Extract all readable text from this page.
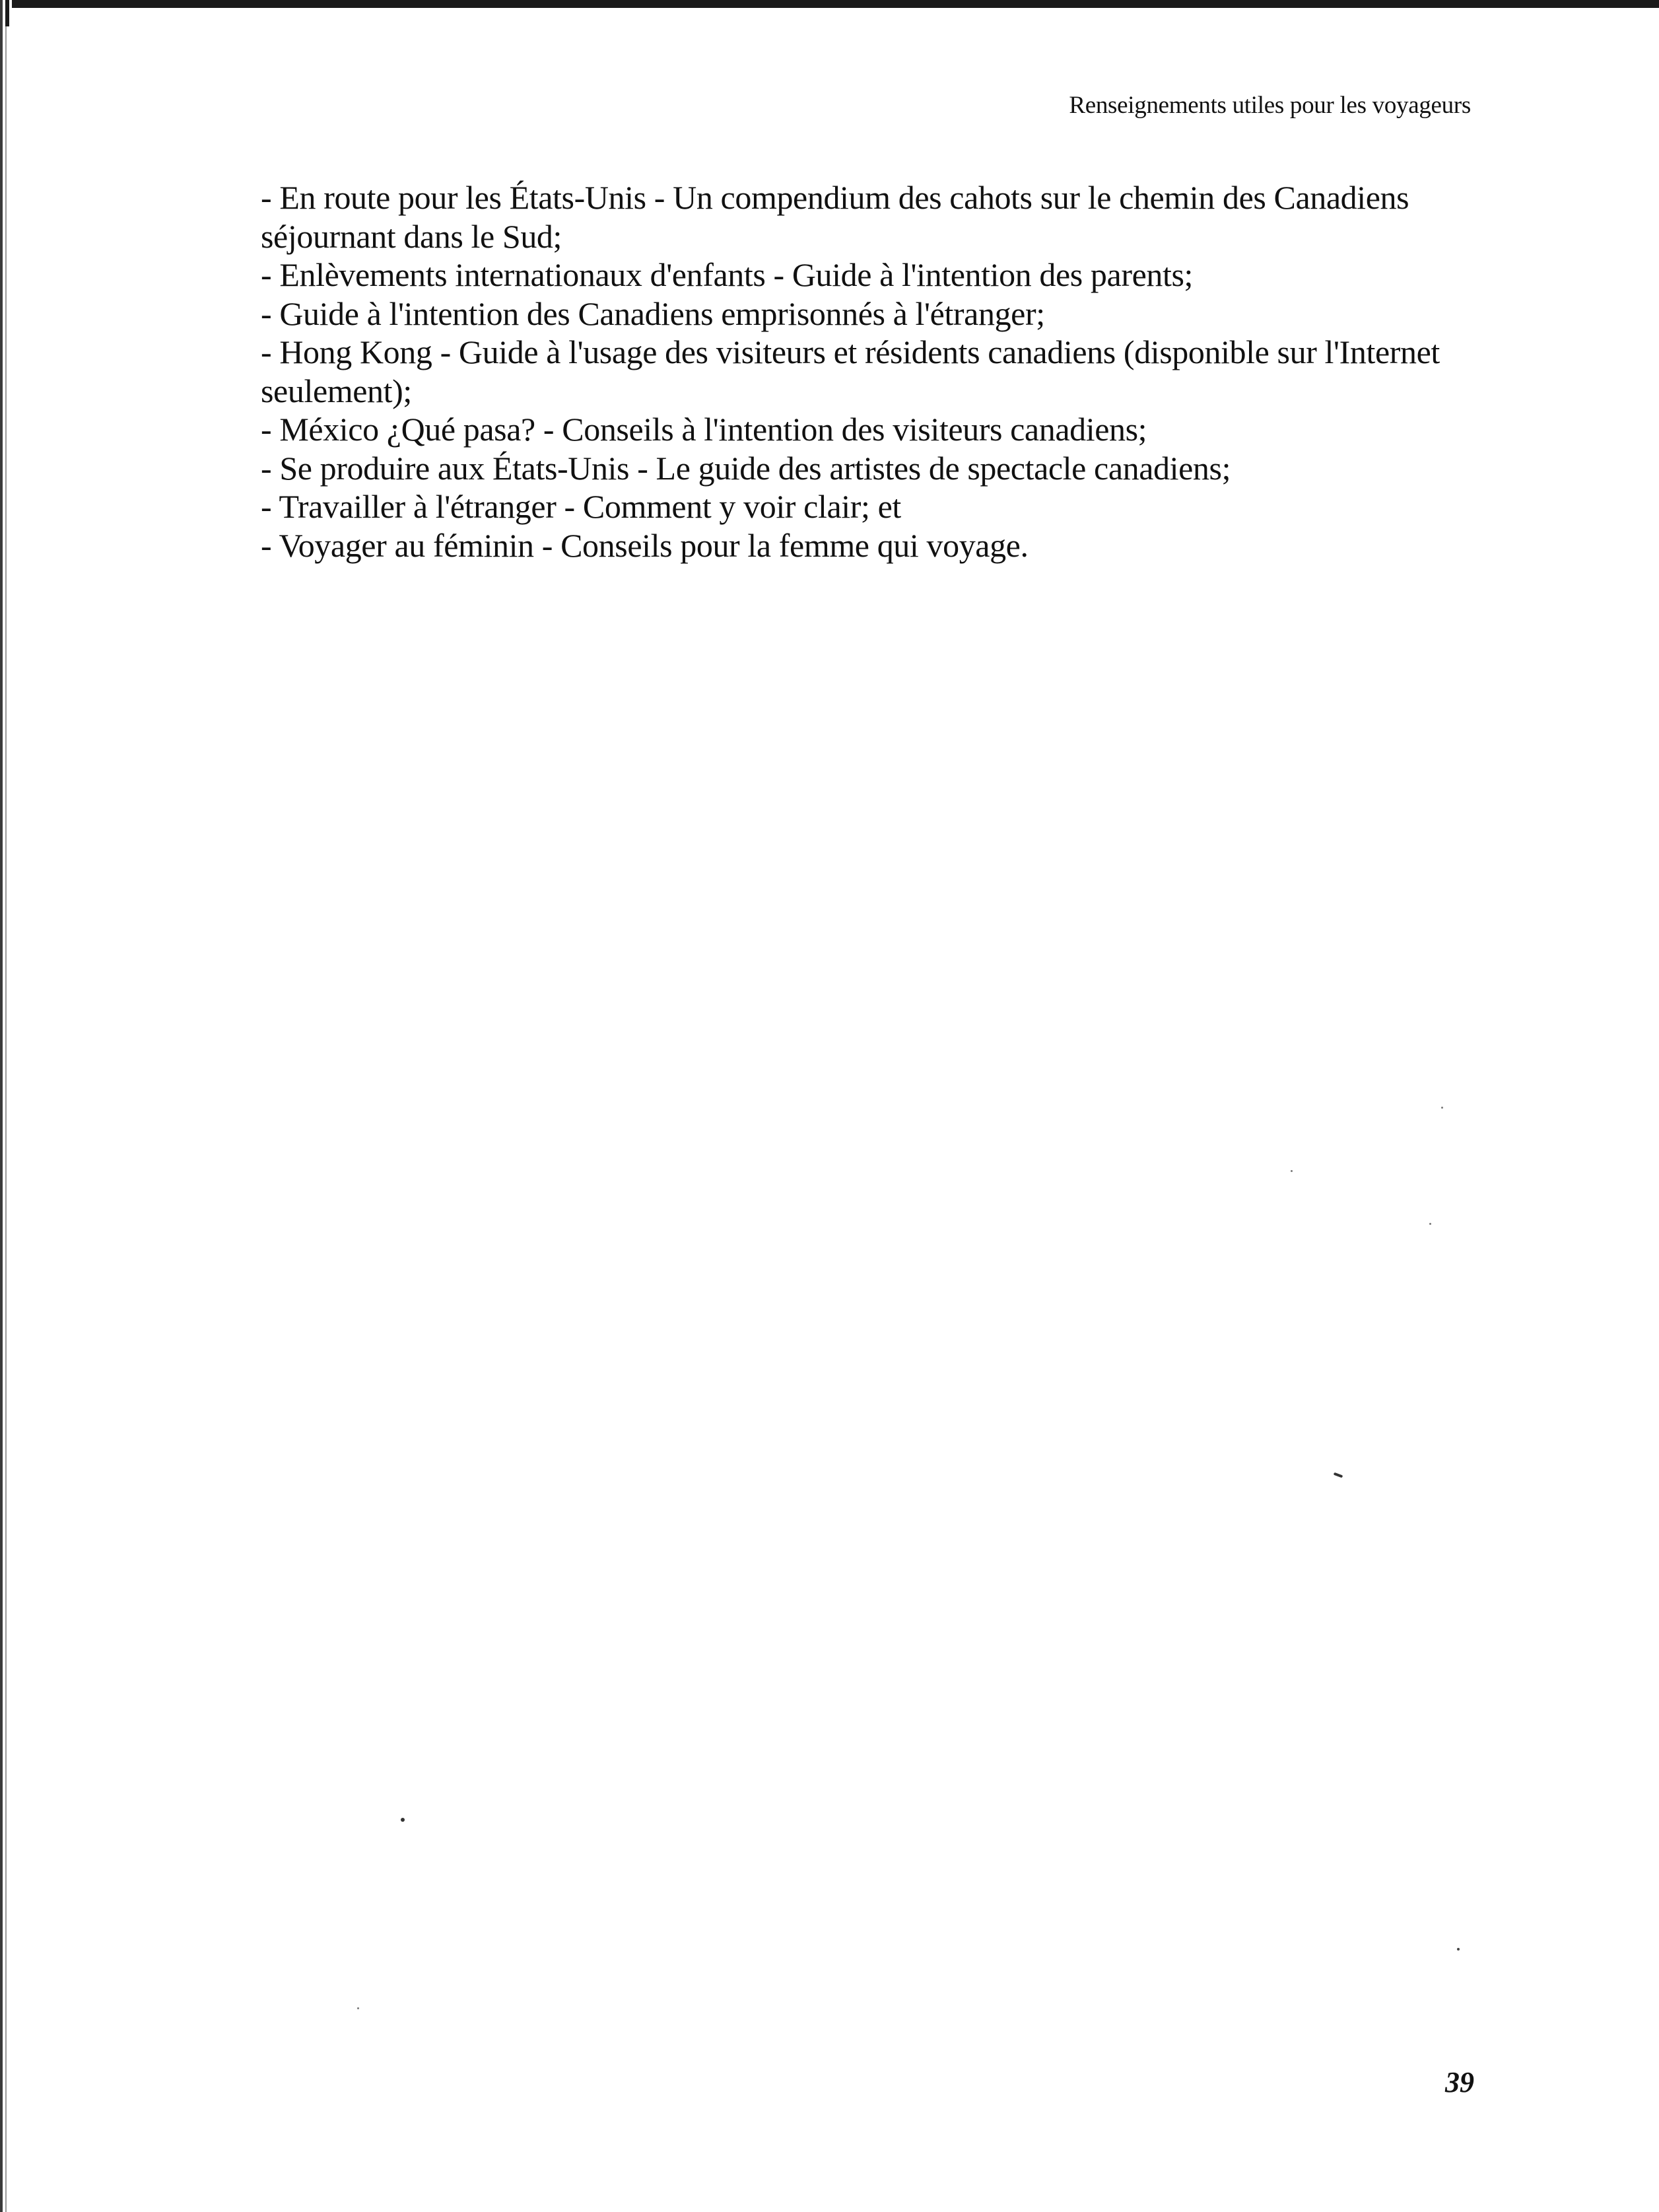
Renseignements utiles pour les voyageurs
- En route pour les États-Unis - Un compendium des cahots sur le chemin des Canadiens
séjournant dans le Sud;
- Enlèvements internationaux d'enfants - Guide à l'intention des parents;
- Guide à l'intention des Canadiens emprisonnés à l'étranger;
- Hong Kong - Guide à l'usage des visiteurs et résidents canadiens (disponible sur l'Internet
seulement);
- México ¿Qué pasa? - Conseils à l'intention des visiteurs canadiens;
- Se produire aux États-Unis - Le guide des artistes de spectacle canadiens;
- Travailler à l'étranger - Comment y voir clair; et
- Voyager au féminin - Conseils pour la femme qui voyage.
39
